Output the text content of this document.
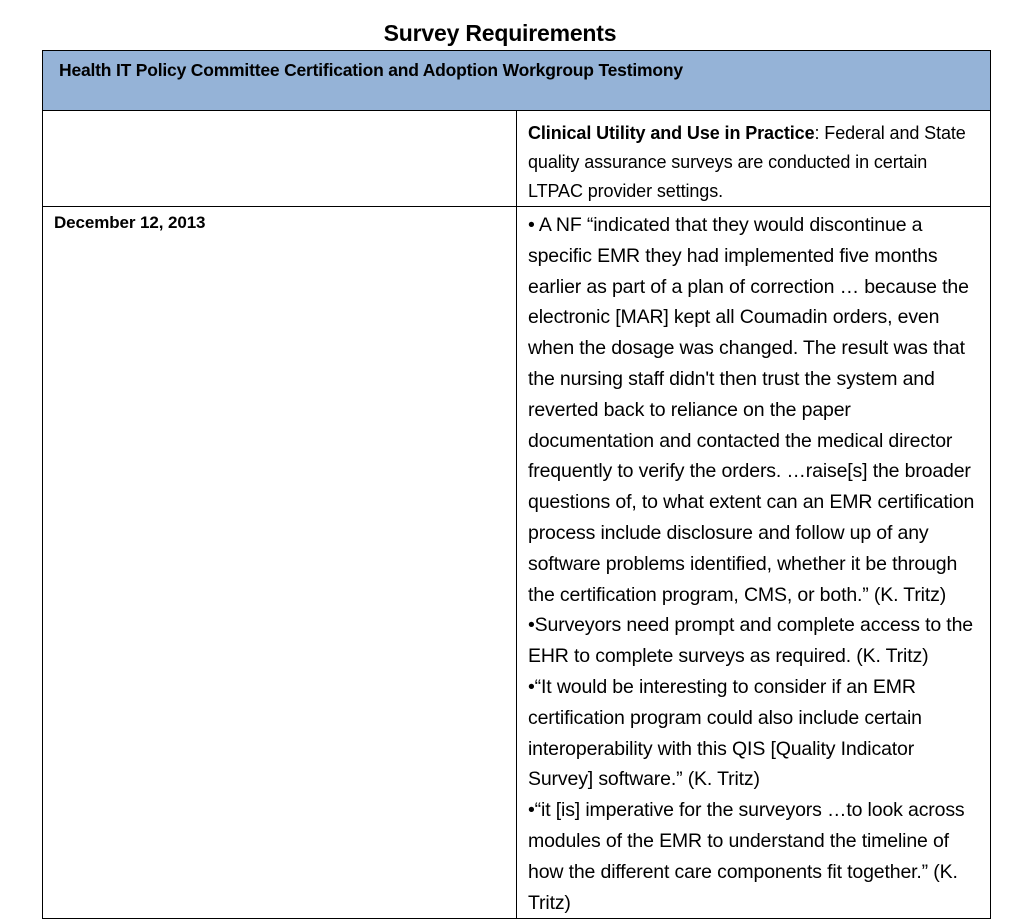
Survey Requirements
Health IT Policy Committee Certification and Adoption Workgroup Testimony	
	Clinical Utility and Use in Practice: Federal and State quality assurance surveys are conducted in certain LTPAC provider settings.
December 12, 2013	• A NF “indicated that they would discontinue a specific EMR they had implemented five months earlier as part of a plan of correction … because the electronic [MAR] kept all Coumadin orders, even when the dosage was changed. The result was that the nursing staff didn't then trust the system and reverted back to reliance on the paper documentation and contacted the medical director frequently to verify the orders. …raise[s] the broader questions of, to what extent can an EMR certification process include disclosure and follow up of any software problems identified, whether it be through the certification program, CMS, or both.” (K. Tritz)

•Surveyors need prompt and complete access to the EHR to complete surveys as required. (K. Tritz)

•“It would be interesting to consider if an EMR certification program could also include certain interoperability with this QIS [Quality Indicator Survey] software.” (K. Tritz)

•“it [is] imperative for the surveyors …to look across modules of the EMR to understand the timeline of how the different care components fit together.” (K. Tritz)
